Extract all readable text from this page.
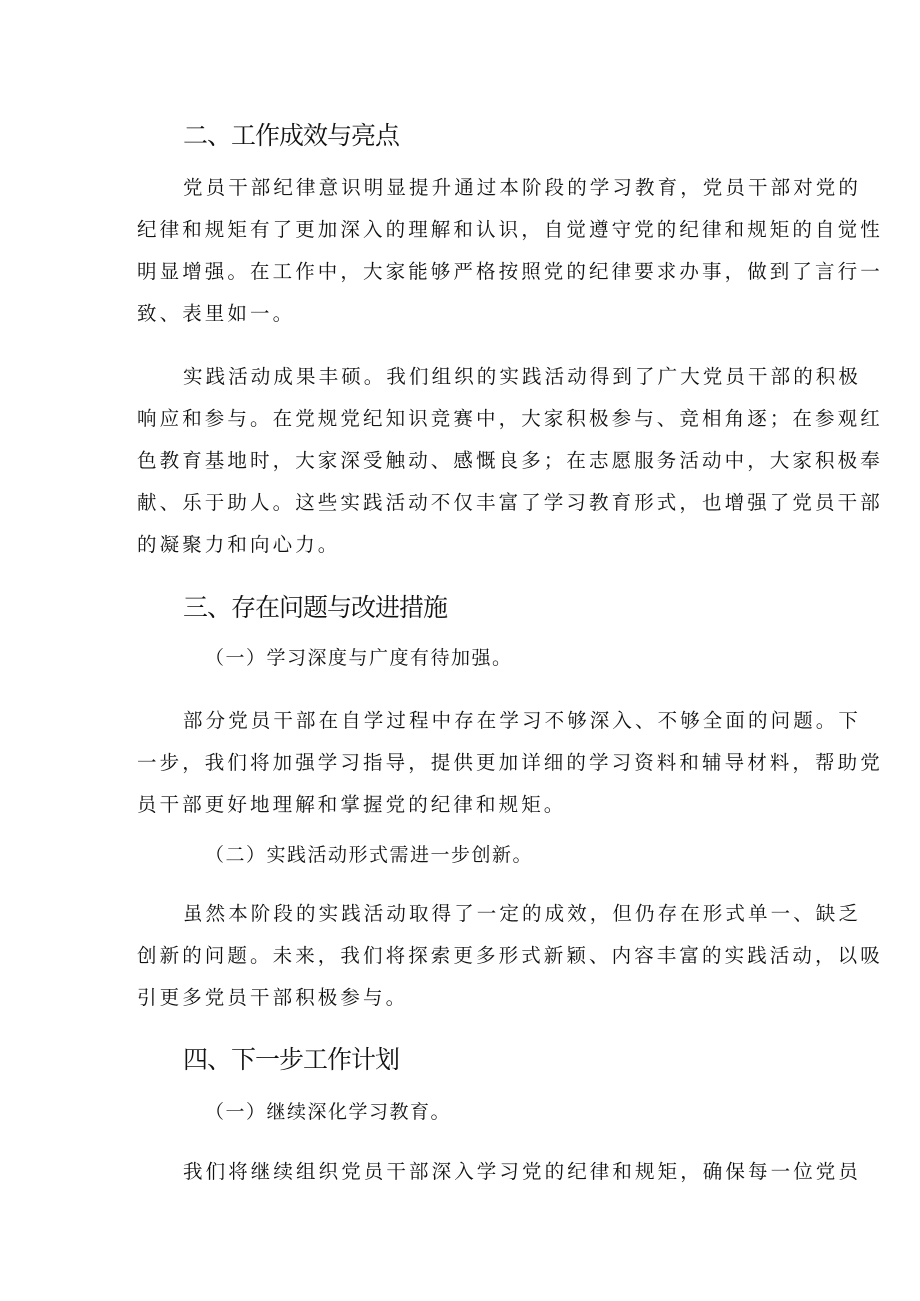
二、工作成效与亮点

党员干部纪律意识明显提升通过本阶段的学习教育，党员干部对党的

纪律和规矩有了更加深入的理解和认识，自觉遵守党的纪律和规矩的自觉性

明显增强。在工作中，大家能够严格按照党的纪律要求办事，做到了言行一

致、表里如一。

实践活动成果丰硕。我们组织的实践活动得到了广大党员干部的积极

响应和参与。在党规党纪知识竞赛中，大家积极参与、竞相角逐；在参观红

色教育基地时，大家深受触动、感慨良多；在志愿服务活动中，大家积极奉

献、乐于助人。这些实践活动不仅丰富了学习教育形式，也增强了党员干部

的凝聚力和向心力。

三、存在问题与改进措施

（一）学习深度与广度有待加强。

部分党员干部在自学过程中存在学习不够深入、不够全面的问题。下

一步，我们将加强学习指导，提供更加详细的学习资料和辅导材料，帮助党

员干部更好地理解和掌握党的纪律和规矩。

（二）实践活动形式需进一步创新。

虽然本阶段的实践活动取得了一定的成效，但仍存在形式单一、缺乏

创新的问题。未来，我们将探索更多形式新颖、内容丰富的实践活动，以吸

引更多党员干部积极参与。

四、下一步工作计划

（一）继续深化学习教育。

我们将继续组织党员干部深入学习党的纪律和规矩，确保每一位党员
